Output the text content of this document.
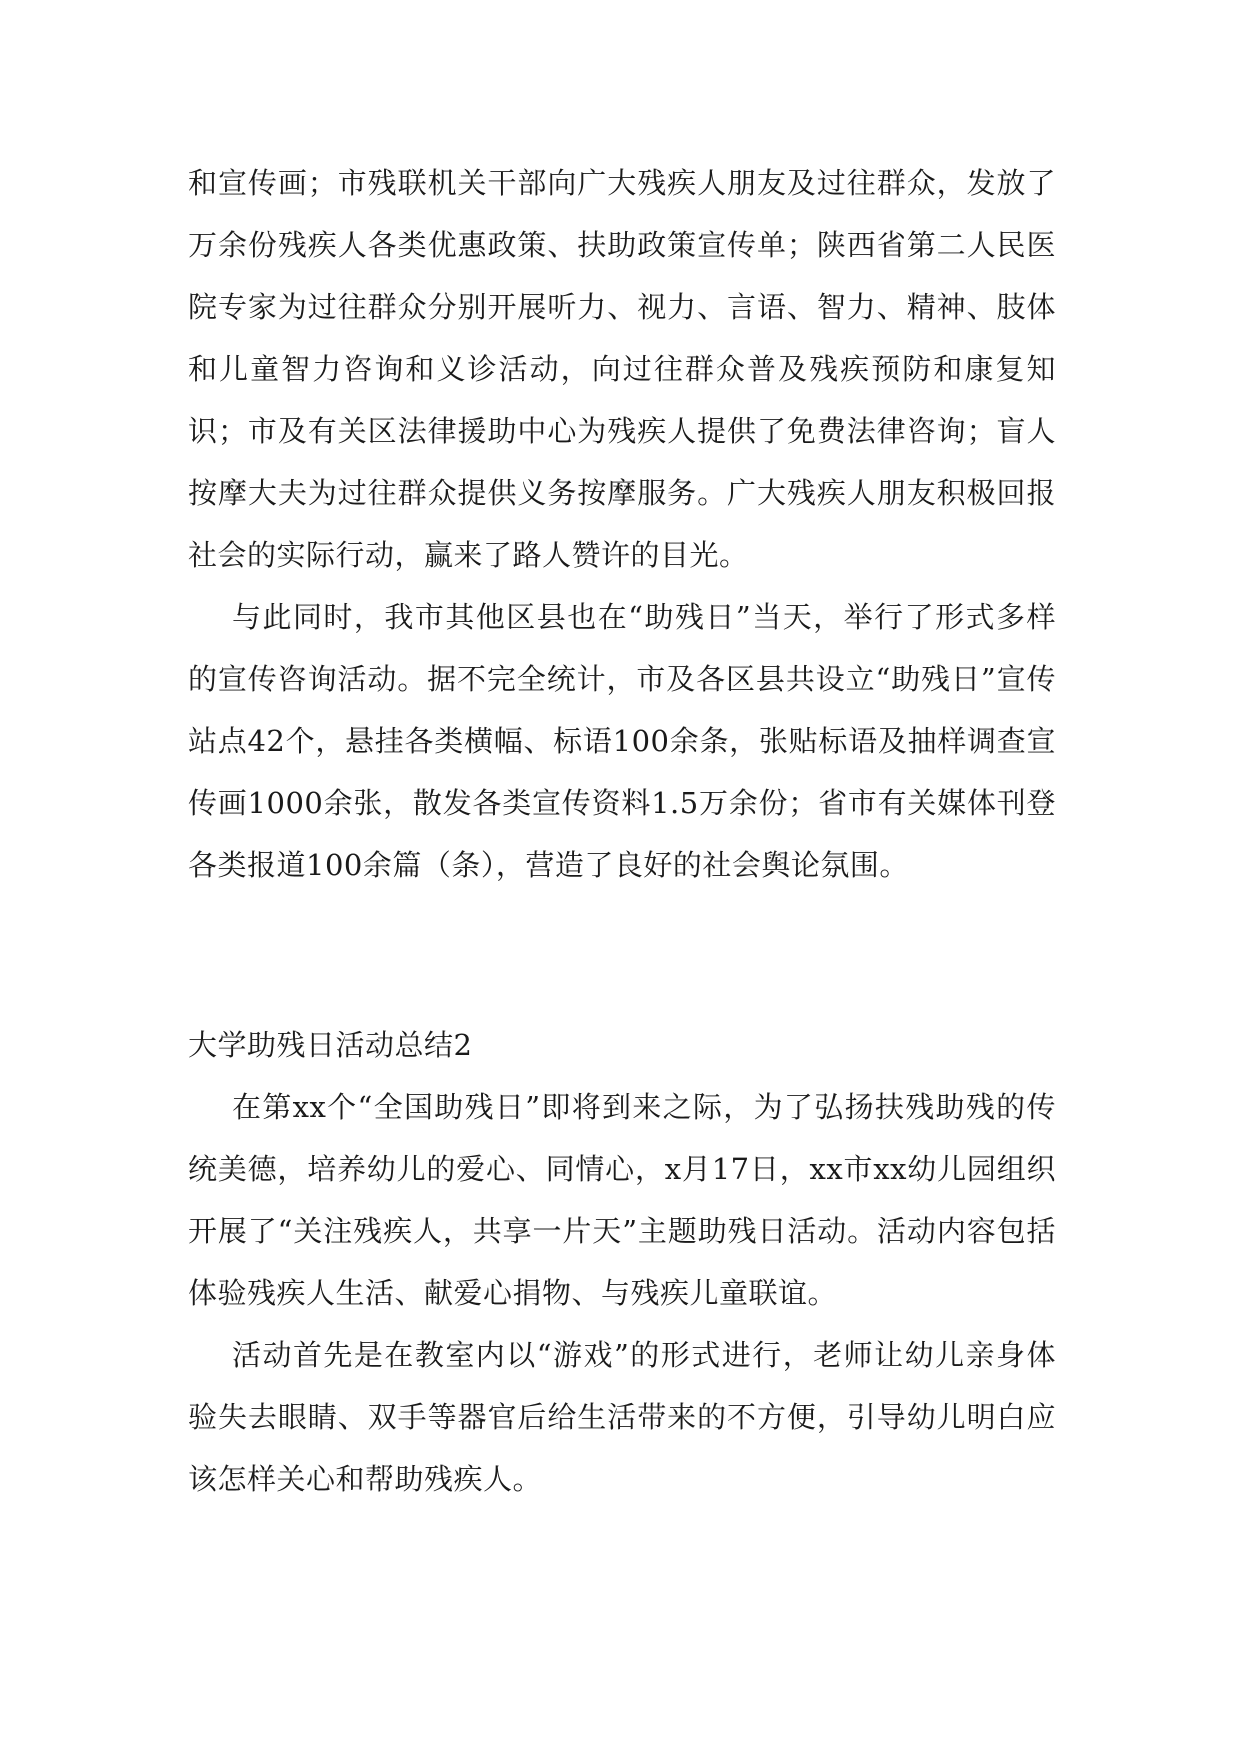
和宣传画；市残联机关干部向广大残疾人朋友及过往群众，发放了万余份残疾人各类优惠政策、扶助政策宣传单；陕西省第二人民医院专家为过往群众分别开展听力、视力、言语、智力、精神、肢体和儿童智力咨询和义诊活动，向过往群众普及残疾预防和康复知识；市及有关区法律援助中心为残疾人提供了免费法律咨询；盲人按摩大夫为过往群众提供义务按摩服务。广大残疾人朋友积极回报社会的实际行动，赢来了路人赞许的目光。

与此同时，我市其他区县也在“助残日”当天，举行了形式多样的宣传咨询活动。据不完全统计，市及各区县共设立“助残日”宣传站点42个，悬挂各类横幅、标语100余条，张贴标语及抽样调查宣传画1000余张，散发各类宣传资料1.5万余份；省市有关媒体刊登各类报道100余篇（条），营造了良好的社会舆论氛围。

大学助残日活动总结2

在第xx个“全国助残日”即将到来之际，为了弘扬扶残助残的传统美德，培养幼儿的爱心、同情心，x月17日，xx市xx幼儿园组织开展了“关注残疾人，共享一片天”主题助残日活动。活动内容包括体验残疾人生活、献爱心捐物、与残疾儿童联谊。

活动首先是在教室内以“游戏”的形式进行，老师让幼儿亲身体验失去眼睛、双手等器官后给生活带来的不方便，引导幼儿明白应该怎样关心和帮助残疾人。
